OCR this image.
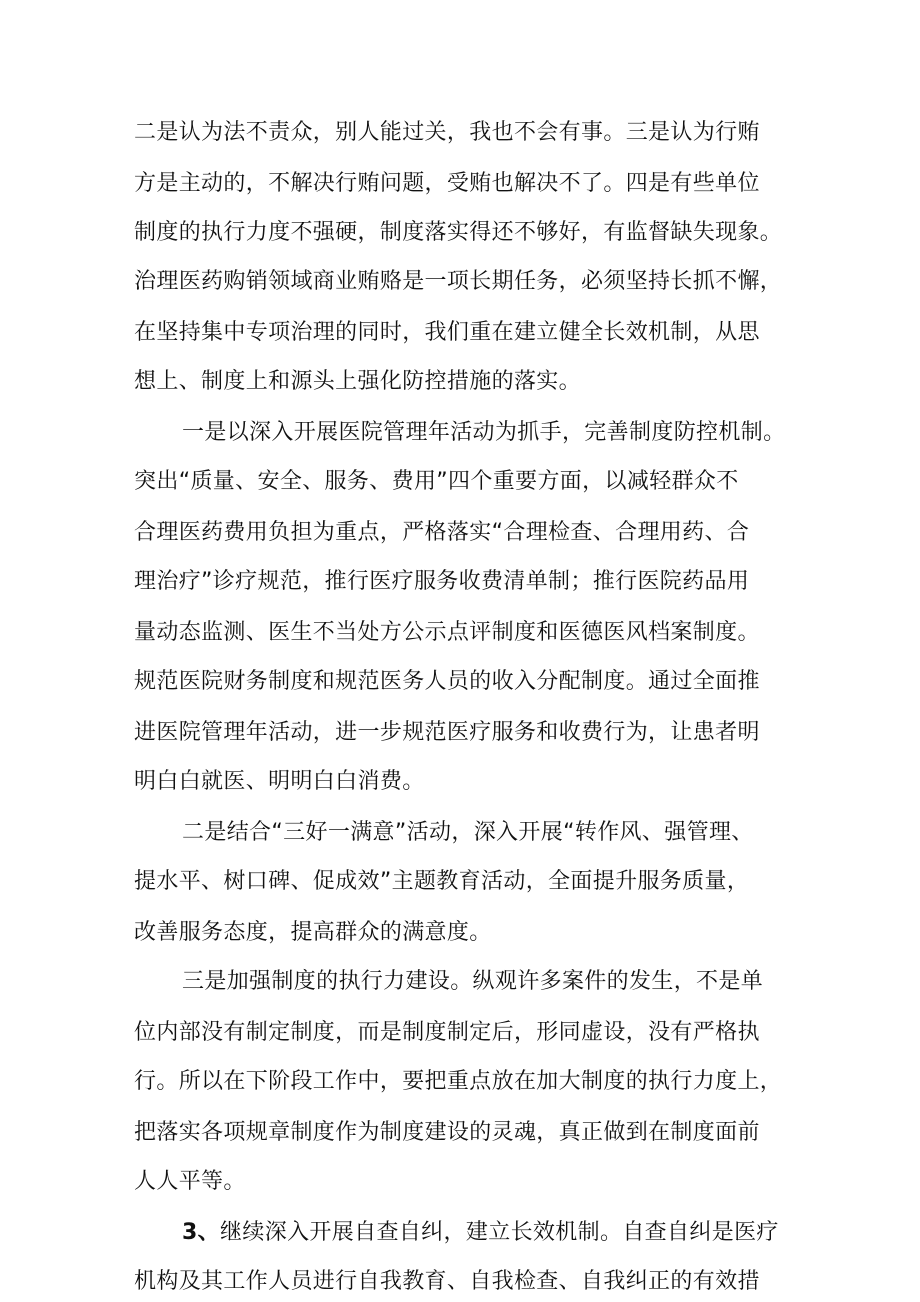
二是认为法不责众，别人能过关，我也不会有事。三是认为行贿
方是主动的，不解决行贿问题，受贿也解决不了。四是有些单位
制度的执行力度不强硬，制度落实得还不够好，有监督缺失现象。
治理医药购销领域商业贿赂是一项长期任务，必须坚持长抓不懈，
在坚持集中专项治理的同时，我们重在建立健全长效机制，从思
想上、制度上和源头上强化防控措施的落实。
一是以深入开展医院管理年活动为抓手，完善制度防控机制。
突出“质量、安全、服务、费用”四个重要方面，以减轻群众不
合理医药费用负担为重点，严格落实“合理检查、合理用药、合
理治疗”诊疗规范，推行医疗服务收费清单制；推行医院药品用
量动态监测、医生不当处方公示点评制度和医德医风档案制度。
规范医院财务制度和规范医务人员的收入分配制度。通过全面推
进医院管理年活动，进一步规范医疗服务和收费行为，让患者明
明白白就医、明明白白消费。
二是结合“三好一满意”活动，深入开展“转作风、强管理、
提水平、树口碑、促成效”主题教育活动，全面提升服务质量，
改善服务态度，提高群众的满意度。
三是加强制度的执行力建设。纵观许多案件的发生，不是单
位内部没有制定制度，而是制度制定后，形同虚设，没有严格执
行。所以在下阶段工作中，要把重点放在加大制度的执行力度上，
把落实各项规章制度作为制度建设的灵魂，真正做到在制度面前
人人平等。
3、继续深入开展自查自纠，建立长效机制。自查自纠是医疗
机构及其工作人员进行自我教育、自我检查、自我纠正的有效措
